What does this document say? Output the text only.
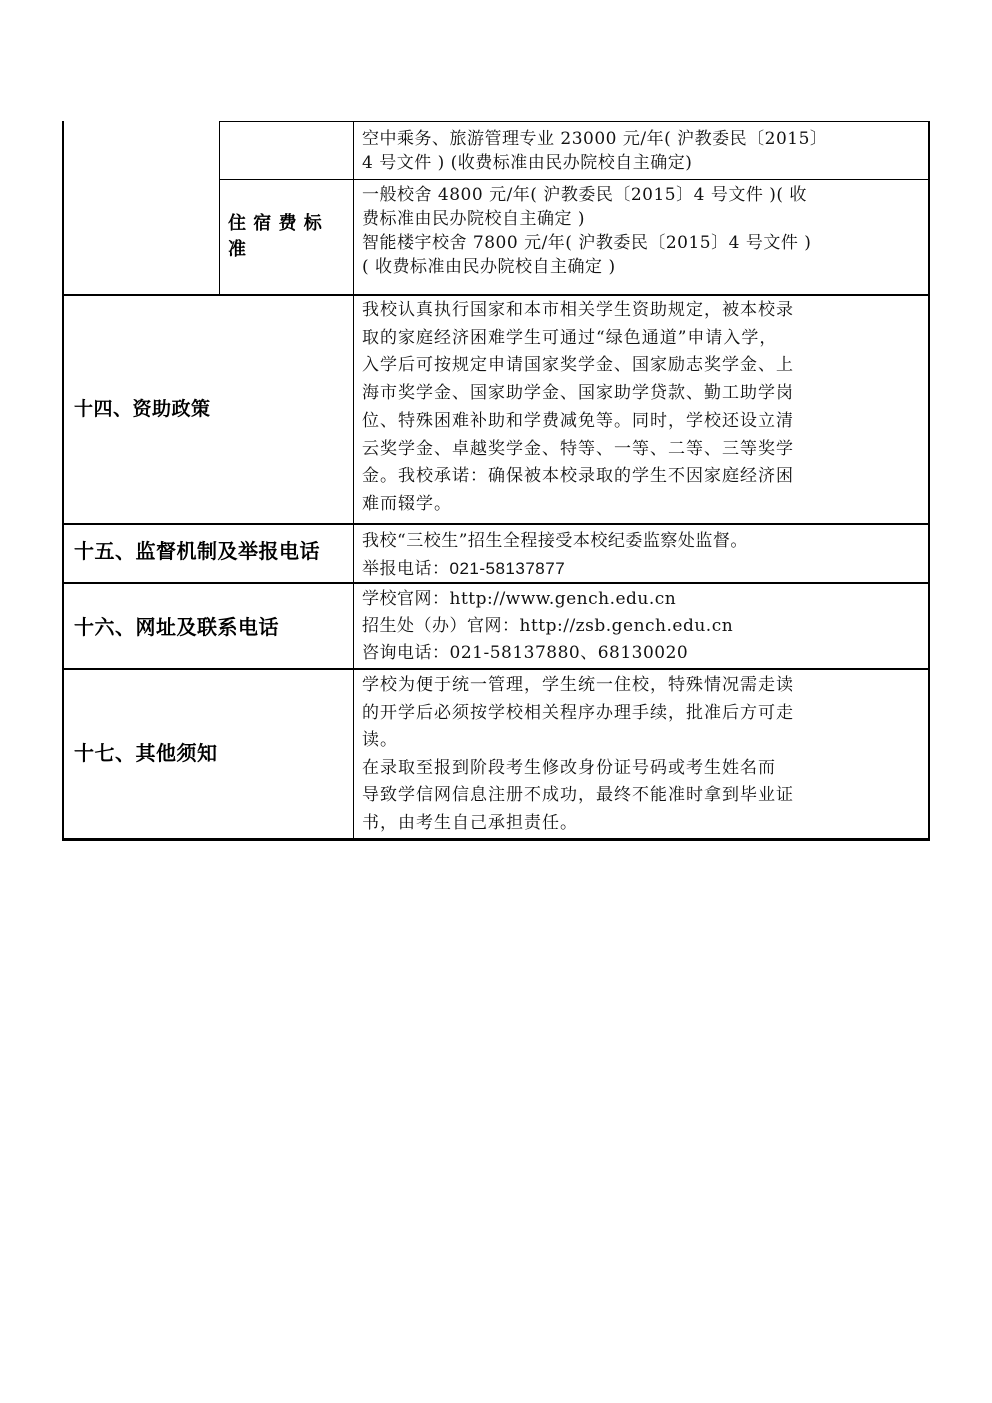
空中乘务、旅游管理专业 23000 元/年( 沪教委民〔2015〕

4 号文件 ) (收费标准由民办院校自主确定)

住 宿 费 标
准

一般校舍 4800 元/年( 沪教委民〔2015〕4 号文件 )( 收

费标准由民办院校自主确定 )

智能楼宇校舍 7800 元/年( 沪教委民〔2015〕4 号文件 )

( 收费标准由民办院校自主确定 )

十四、资助政策

我校认真执行国家和本市相关学生资助规定，被本校录

取的家庭经济困难学生可通过“绿色通道”申请入学，

入学后可按规定申请国家奖学金、国家励志奖学金、上

海市奖学金、国家助学金、国家助学贷款、勤工助学岗

位、特殊困难补助和学费减免等。同时，学校还设立清

云奖学金、卓越奖学金、特等、一等、二等、三等奖学

金。我校承诺：确保被本校录取的学生不因家庭经济困

难而辍学。

十五、监督机制及举报电话 我校“三校生”招生全程接受本校纪委监察处监督。

举报电话：021-58137877

十六、网址及联系电话

学校官网：http://www.gench.edu.cn

招生处（办）官网：http://zsb.gench.edu.cn

咨询电话：021-58137880、68130020

十七、其他须知

学校为便于统一管理，学生统一住校，特殊情况需走读

的开学后必须按学校相关程序办理手续，批准后方可走

读。

在录取至报到阶段考生修改身份证号码或考生姓名而

导致学信网信息注册不成功，最终不能准时拿到毕业证

书，由考生自己承担责任。
